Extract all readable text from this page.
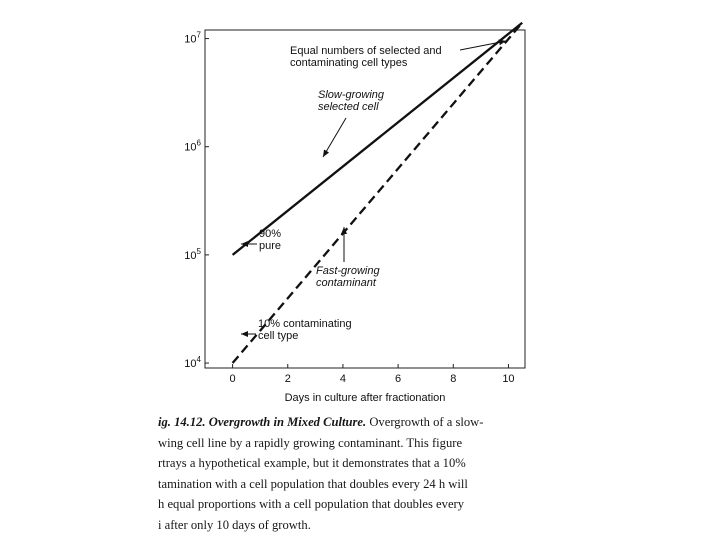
$10^4$
$10^5$
$10^6$
$10^7$
0	2	4	6	8	10
Equal numbers of selected and
contaminating cell types
Slow-growing
selected cell
Fast-growing
contaminant
90%
pure
10% contaminating
cell type
Days in culture after fractionation
ig. 14.12. Overgrowth in Mixed Culture. Overgrowth of a slow-
wing cell line by a rapidly growing contaminant. This figure
rtrays a hypothetical example, but it demonstrates that a 10%
tamination with a cell population that doubles every 24 h will
h equal proportions with a cell population that doubles every
i after only 10 days of growth.
